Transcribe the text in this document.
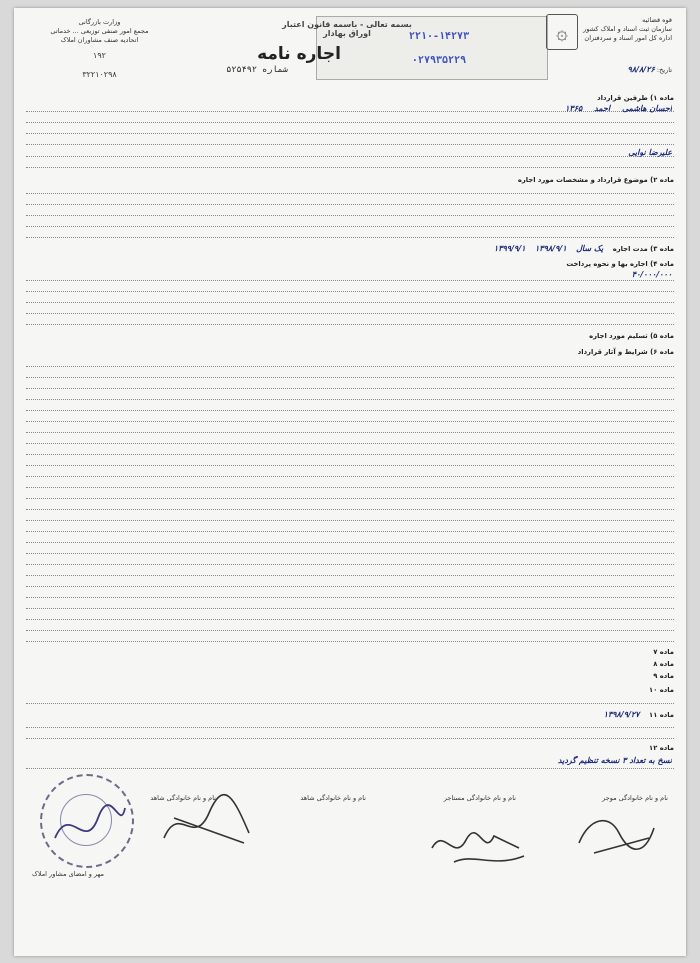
وزارت بازرگانی
مجمع امور صنفی توزیعی ... خدماتی
اتحادیه صنف مشاوران املاک
۱۹۲
۳۲۲۱۰۲۹۸
۲۲۱۰-۱۴۲۷۳
۰۲۷۹۳۵۲۲۹
بسمه تعالی - باسمه قانون اعتبار اوراق بهادار
اجاره نامه
شماره ۵۲۵۴۹۲
۞	قوه قضائیه
سازمان ثبت اسناد و املاک کشور
اداره کل امور اسناد و سردفتران
تاریخ: ۹۸/۸/۲۶
ماده ۱) طرفین قرارداد
احسان هاشمی      احمد      ۱۳۶۵
علیرضا نوایی
ماده ۲) موضوع قرارداد و مشخصات مورد اجاره
ماده ۳) مدت اجاره    یک سال    ۱۳۹۸/۹/۱    ۱۳۹۹/۹/۱
ماده ۴) اجاره بها و نحوه پرداخت
۴۰/۰۰۰/۰۰۰
ماده ۵) تسلیم مورد اجاره
ماده ۶) شرایط و آثار قرارداد
ماده ۷
ماده ۸
ماده ۹
ماده ۱۰
ماده ۱۱    ۱۳۹۸/۹/۲۷
ماده ۱۲
نسخ به تعداد ۳ نسخه تنظیم گردید
نام و نام خانوادگی موجر
نام و نام خانوادگی مستاجر
نام و نام خانوادگی شاهد
نام و نام خانوادگی شاهد
مهر و امضای مشاور املاک
